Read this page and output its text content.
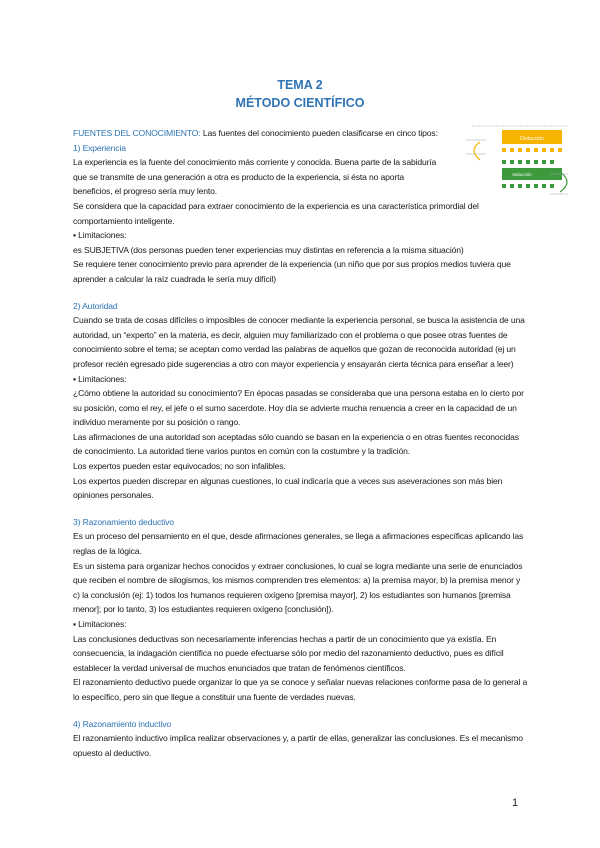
TEMA 2
MÉTODO CIENTÍFICO
Deducción
Inducción

FUENTES DEL CONOCIMIENTO: Las fuentes del conocimiento pueden clasificarse en cinco tipos:

1) Experiencia

La experiencia es la fuente del conocimiento más corriente y conocida. Buena parte de la sabiduría que se transmite de una generación a otra es producto de la experiencia, si ésta no aporta beneficios, el progreso sería muy lento.

Se considera que la capacidad para extraer conocimiento de la experiencia es una característica primordial del comportamiento inteligente.

▪ Limitaciones:

es SUBJETIVA (dos personas pueden tener experiencias muy distintas en referencia a la misma situación)

Se requiere tener conocimiento previo para aprender de la experiencia (un niño que por sus propios medios tuviera que aprender a calcular la raíz cuadrada le sería muy difícil)

2) Autoridad

Cuando se trata de cosas difíciles o imposibles de conocer mediante la experiencia personal, se busca la asistencia de una autoridad, un “experto” en la materia, es decir, alguien muy familiarizado con el problema o que posee otras fuentes de conocimiento sobre el tema; se aceptan como verdad las palabras de aquellos que gozan de reconocida autoridad (ej un profesor recién egresado pide sugerencias a otro con mayor experiencia y ensayarán cierta técnica para enseñar a leer)

▪ Limitaciones:

¿Cómo obtiene la autoridad su conocimiento? En épocas pasadas se consideraba que una persona estaba en lo cierto por su posición, como el rey, el jefe o el sumo sacerdote. Hoy día se advierte mucha renuencia a creer en la capacidad de un individuo meramente por su posición o rango.

Las afirmaciones de una autoridad son aceptadas sólo cuando se basan en la experiencia o en otras fuentes reconocidas de conocimiento. La autoridad tiene varios puntos en común con la costumbre y la tradición.

Los expertos pueden estar equivocados; no son infalibles.

Los expertos pueden discrepar en algunas cuestiones, lo cual indicaría que a veces sus aseveraciones son más bien opiniones personales.

3) Razonamiento deductivo

Es un proceso del pensamiento en el que, desde afirmaciones generales, se llega a afirmaciones específicas aplicando las reglas de la lógica.

Es un sistema para organizar hechos conocidos y extraer conclusiones, lo cual se logra mediante una serie de enunciados que reciben el nombre de silogismos, los mismos comprenden tres elementos: a) la premisa mayor, b) la premisa menor y c) la conclusión (ej: 1) todos los humanos requieren oxígeno [premisa mayor], 2) los estudiantes son humanos [premisa menor]; por lo tanto, 3) los estudiantes requieren oxígeno [conclusión]).

▪ Limitaciones:

Las conclusiones deductivas son necesariamente inferencias hechas a partir de un conocimiento que ya existía. En consecuencia, la indagación científica no puede efectuarse sólo por medio del razonamiento deductivo, pues es difícil establecer la verdad universal de muchos enunciados que tratan de fenómenos científicos.

El razonamiento deductivo puede organizar lo que ya se conoce y señalar nuevas relaciones conforme pasa de lo general a lo específico, pero sin que llegue a constituir una fuente de verdades nuevas.

4) Razonamiento inductivo

El razonamiento inductivo implica realizar observaciones y, a partir de ellas, generalizar las conclusiones. Es el mecanismo opuesto al deductivo.

1
